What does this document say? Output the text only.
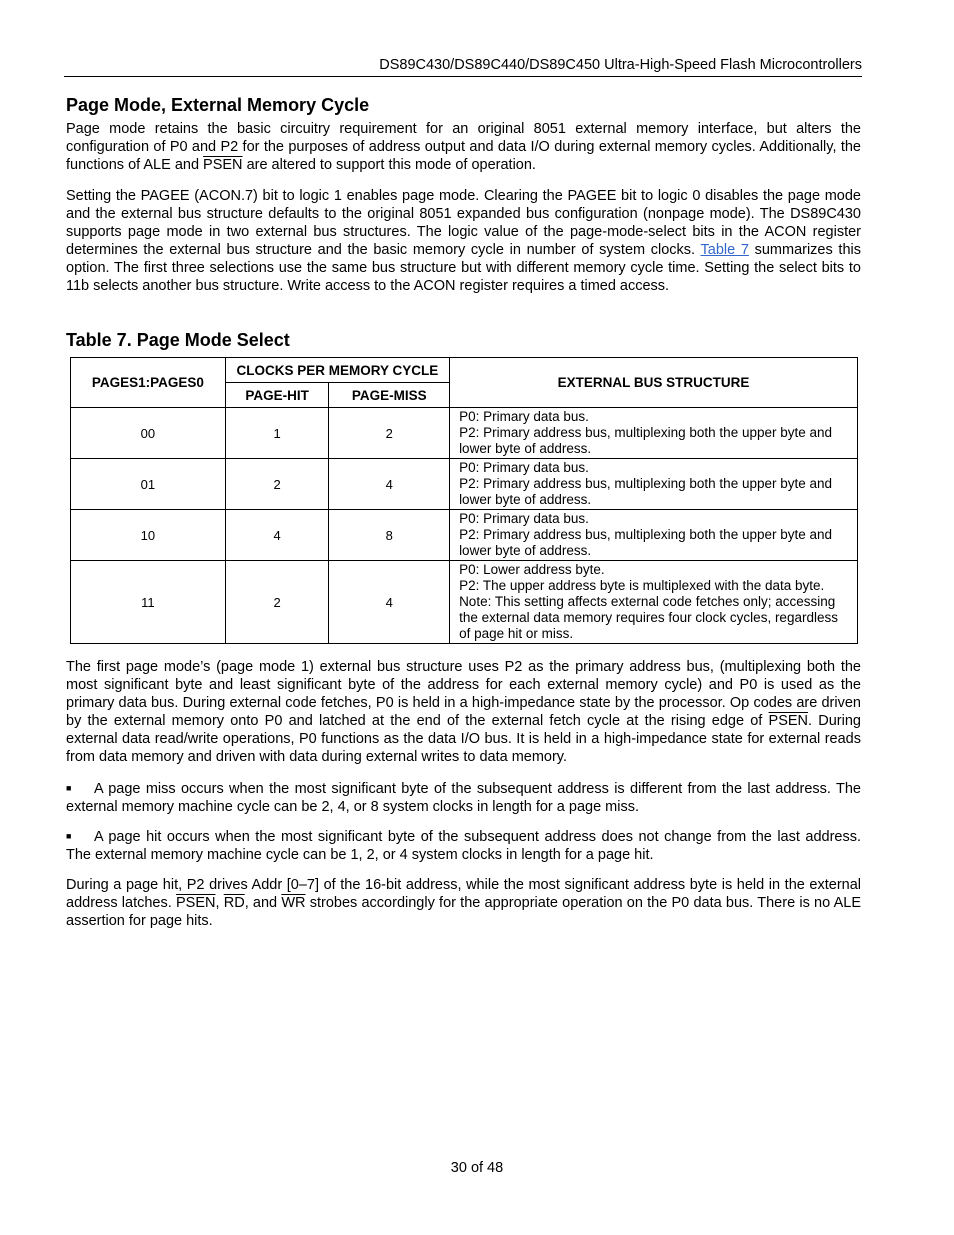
DS89C430/DS89C440/DS89C450 Ultra-High-Speed Flash Microcontrollers
Page Mode, External Memory Cycle

Page mode retains the basic circuitry requirement for an original 8051 external memory interface, but alters the configuration of P0 and P2 for the purposes of address output and data I/O during external memory cycles. Additionally, the functions of ALE and PSEN are altered to support this mode of operation.

Setting the PAGEE (ACON.7) bit to logic 1 enables page mode. Clearing the PAGEE bit to logic 0 disables the page mode and the external bus structure defaults to the original 8051 expanded bus configuration (nonpage mode). The DS89C430 supports page mode in two external bus structures. The logic value of the page-mode-select bits in the ACON register determines the external bus structure and the basic memory cycle in number of system clocks. Table 7 summarizes this option. The first three selections use the same bus structure but with different memory cycle time. Setting the select bits to 11b selects another bus structure. Write access to the ACON register requires a timed access.

Table 7. Page Mode Select
PAGES1:PAGES0	CLOCKS PER MEMORY CYCLE		EXTERNAL BUS STRUCTURE
	PAGE-HIT	PAGE-MISS	
00	1	2	P0: Primary data bus.
P2: Primary address bus, multiplexing both the upper byte and
lower byte of address.

01	2	4	P0: Primary data bus.
P2: Primary address bus, multiplexing both the upper byte and
lower byte of address.

10	4	8	P0: Primary data bus.
P2: Primary address bus, multiplexing both the upper byte and
lower byte of address.

11	2	4	P0: Lower address byte.
P2: The upper address byte is multiplexed with the data byte.
Note: This setting affects external code fetches only; accessing
the external data memory requires four clock cycles, regardless
of page hit or miss.

The first page mode’s (page mode 1) external bus structure uses P2 as the primary address bus, (multiplexing both the most significant byte and least significant byte of the address for each external memory cycle) and P0 is used as the primary data bus. During external code fetches, P0 is held in a high-impedance state by the processor. Op codes are driven by the external memory onto P0 and latched at the end of the external fetch cycle at the rising edge of PSEN. During external data read/write operations, P0 functions as the data I/O bus. It is held in a high-impedance state for external reads from data memory and driven with data during external writes to data memory.

■ A page miss occurs when the most significant byte of the subsequent address is different from the last address. The external memory machine cycle can be 2, 4, or 8 system clocks in length for a page miss.

■ A page hit occurs when the most significant byte of the subsequent address does not change from the last address. The external memory machine cycle can be 1, 2, or 4 system clocks in length for a page hit.

During a page hit, P2 drives Addr [0–7] of the 16-bit address, while the most significant address byte is held in the external address latches. PSEN, $\overline{RD}$, and $\overline{WR}$ strobes accordingly for the appropriate operation on the P0 data bus. There is no ALE assertion for page hits.

30 of 48
